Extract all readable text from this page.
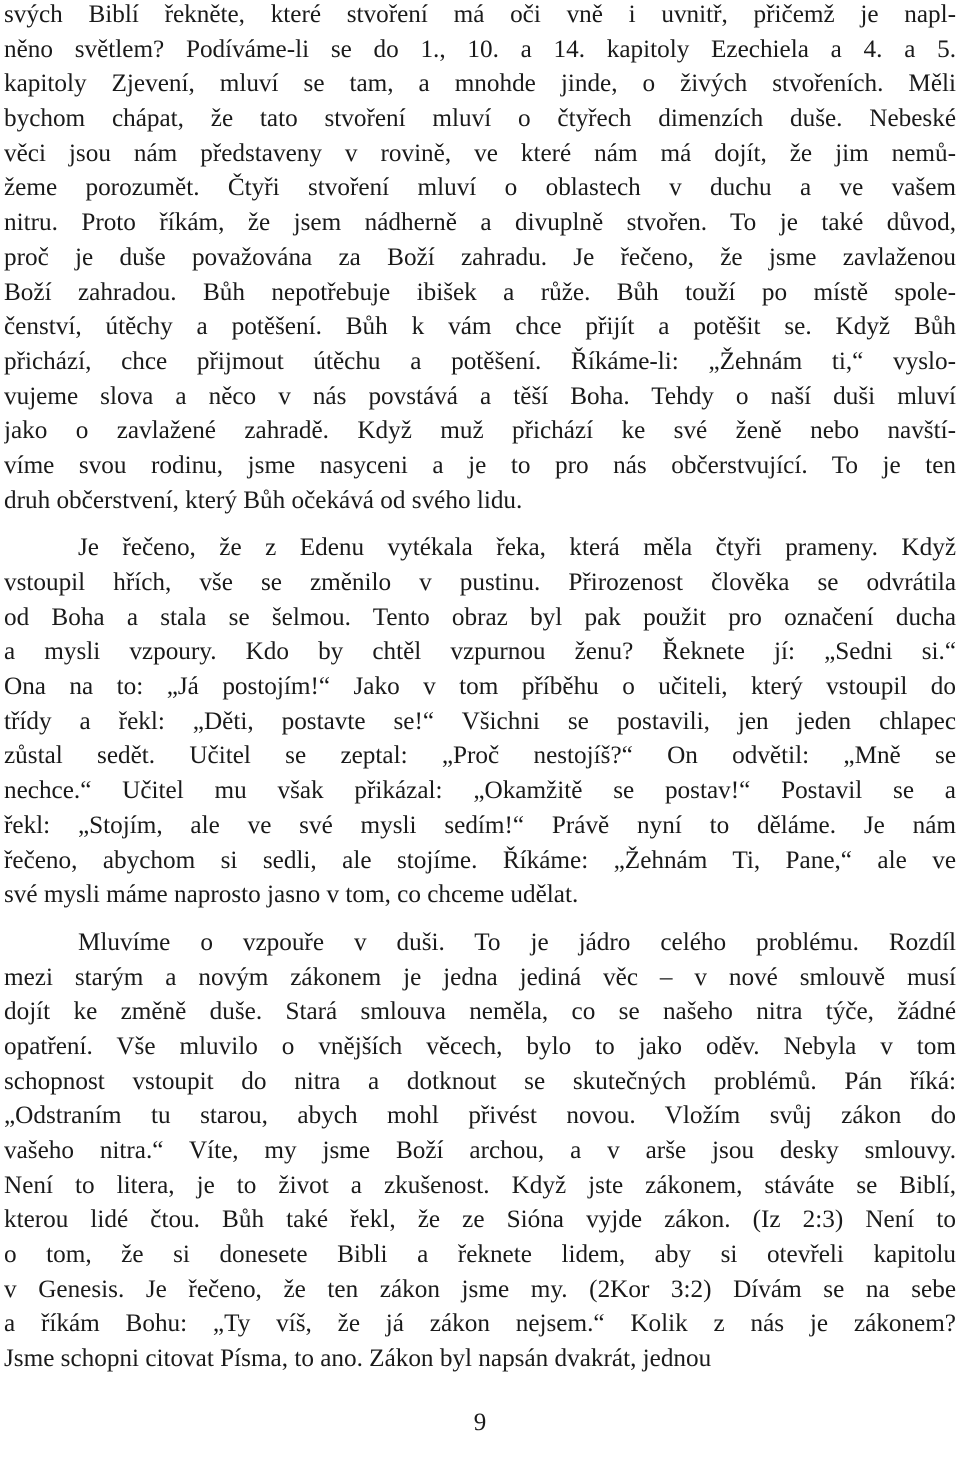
svých Biblí řekněte, které stvoření má oči vně i uvnitř, přičemž je napl-
něno světlem? Podíváme-li se do 1., 10. a 14. kapitoly Ezechiela a 4. a 5.
kapitoly Zjevení, mluví se tam, a mnohde jinde, o živých stvořeních. Měli
bychom chápat, že tato stvoření mluví o čtyřech dimenzích duše. Nebeské
věci jsou nám představeny v rovině, ve které nám má dojít, že jim nemů-
žeme porozumět. Čtyři stvoření mluví o oblastech v duchu a ve vašem
nitru. Proto říkám, že jsem nádherně a divuplně stvořen. To je také důvod,
proč je duše považována za Boží zahradu. Je řečeno, že jsme zavlaženou
Boží zahradou. Bůh nepotřebuje ibišek a růže. Bůh touží po místě spole-
čenství, útěchy a potěšení. Bůh k vám chce přijít a potěšit se. Když Bůh
přichází, chce přijmout útěchu a potěšení. Říkáme-li: „Žehnám ti,“ vyslo-
vujeme slova a něco v nás povstává a těší Boha. Tehdy o naší duši mluví
jako o zavlažené zahradě. Když muž přichází ke své ženě nebo navští-
víme svou rodinu, jsme nasyceni a je to pro nás občerstvující. To je ten
druh občerstvení, který Bůh očekává od svého lidu.
Je řečeno, že z Edenu vytékala řeka, která měla čtyři prameny. Když
vstoupil hřích, vše se změnilo v pustinu. Přirozenost člověka se odvrátila
od Boha a stala se šelmou. Tento obraz byl pak použit pro označení ducha
a mysli vzpoury. Kdo by chtěl vzpurnou ženu? Řeknete jí: „Sedni si.“
Ona na to: „Já postojím!“ Jako v tom příběhu o učiteli, který vstoupil do
třídy a řekl: „Děti, postavte se!“ Všichni se postavili, jen jeden chlapec
zůstal sedět. Učitel se zeptal: „Proč nestojíš?“ On odvětil: „Mně se
nechce.“ Učitel mu však přikázal: „Okamžitě se postav!“ Postavil se a
řekl: „Stojím, ale ve své mysli sedím!“ Právě nyní to děláme. Je nám
řečeno, abychom si sedli, ale stojíme. Říkáme: „Žehnám Ti, Pane,“ ale ve
své mysli máme naprosto jasno v tom, co chceme udělat.
Mluvíme o vzpouře v duši. To je jádro celého problému. Rozdíl
mezi starým a novým zákonem je jedna jediná věc – v nové smlouvě musí
dojít ke změně duše. Stará smlouva neměla, co se našeho nitra týče, žádné
opatření. Vše mluvilo o vnějších věcech, bylo to jako oděv. Nebyla v tom
schopnost vstoupit do nitra a dotknout se skutečných problémů. Pán říká:
„Odstraním tu starou, abych mohl přivést novou. Vložím svůj zákon do
vašeho nitra.“ Víte, my jsme Boží archou, a v arše jsou desky smlouvy.
Není to litera, je to život a zkušenost. Když jste zákonem, stáváte se Biblí,
kterou lidé čtou. Bůh také řekl, že ze Sióna vyjde zákon. (Iz 2:3) Není to
o tom, že si donesete Bibli a řeknete lidem, aby si otevřeli kapitolu
v Genesis. Je řečeno, že ten zákon jsme my. (2Kor 3:2) Dívám se na sebe
a říkám Bohu: „Ty víš, že já zákon nejsem.“ Kolik z nás je zákonem?
Jsme schopni citovat Písma, to ano. Zákon byl napsán dvakrát, jednou
9
